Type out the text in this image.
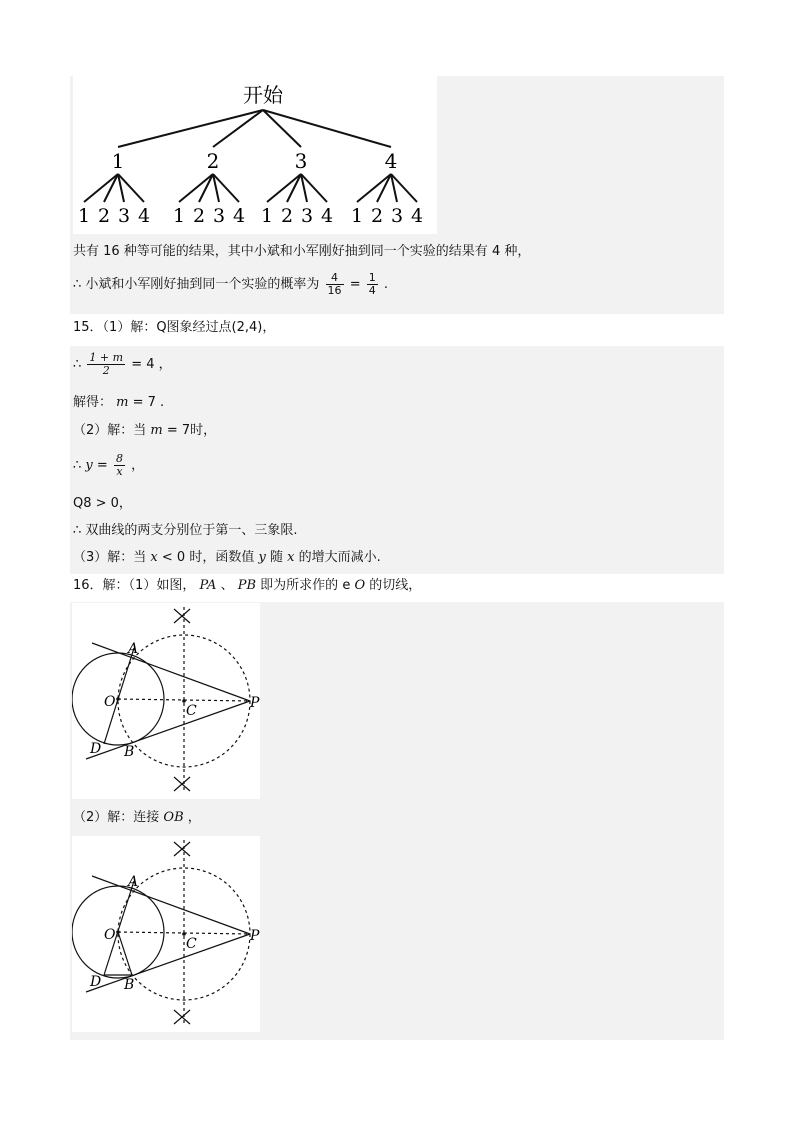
开始
1	2	3	4
1 2 3 4 1 2 3 4 1 2 3 4 1 2 3 4
共有 16 种等可能的结果，其中小斌和小军刚好抽到同一个实验的结果有 4 种，
∴ 小斌和小军刚好抽到同一个实验的概率为 $\frac{4}{16} = \frac{1}{4}$ .
15．（1）解：Q图象经过点(2,4)，
∴ $\frac{1 + m}{2} = 4$ ，
解得： m = 7 .
（2）解：当 m = 7时，
∴ $y = \frac{8}{x}$ ，
Q8 > 0，
∴ 双曲线的两支分别位于第一、三象限.
（3）解：当 x < 0 时，函数值 y 随 x 的增大而减小.
16．解：（1）如图， PA 、 PB 即为所求作的 e O 的切线，
A
O
C	P
D B
（2）解：连接 OB ，
A
O
C	P
D B
